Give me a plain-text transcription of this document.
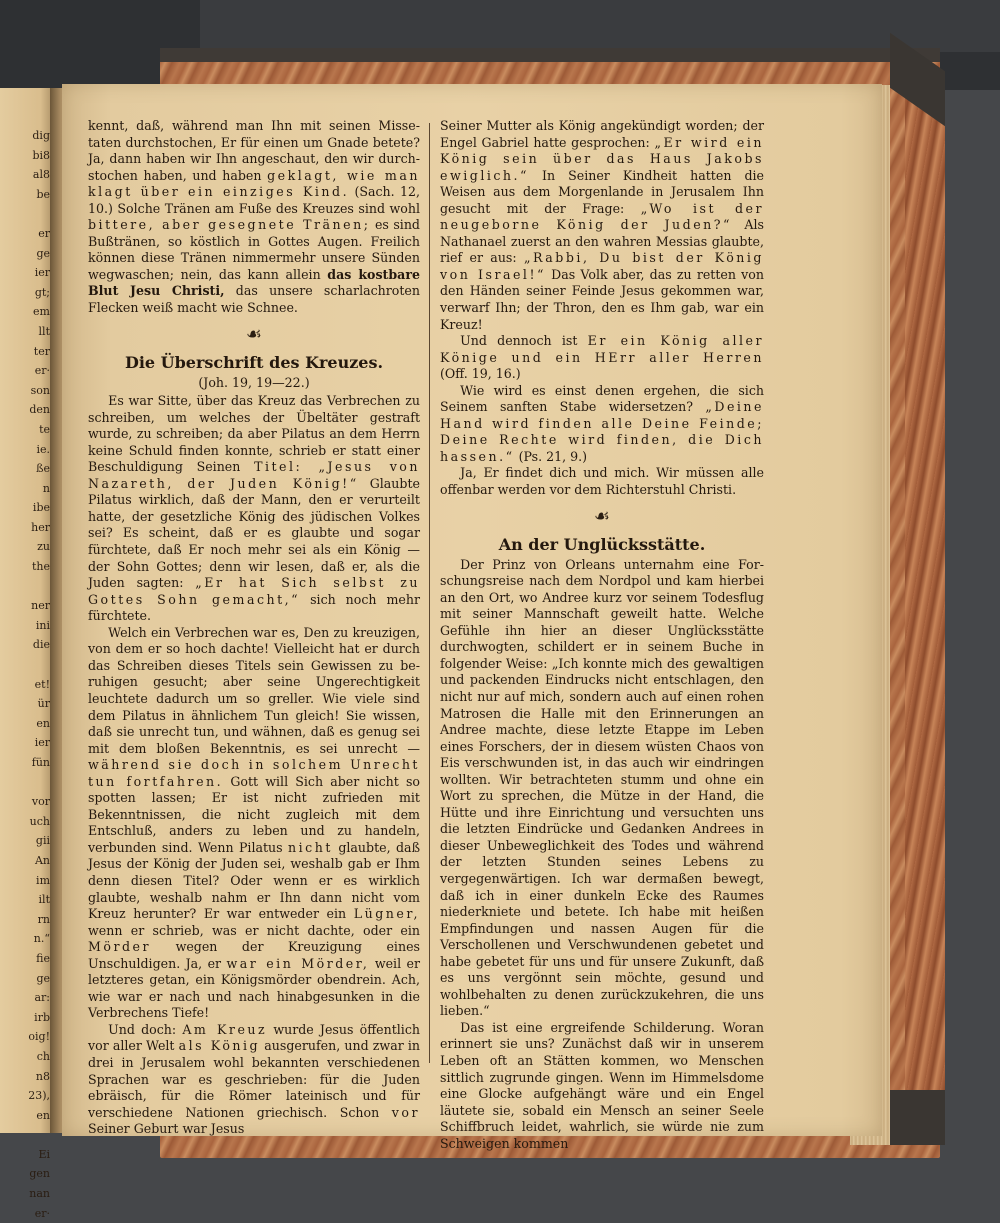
dig
bi8
al8
be
er
ge
ier
gt;
em
llt
ter
er·
son
den
te
ie.
ße
n
ibe
her
zu
the
ner
ini
die
et!
ür
en
ier
fün
vor
uch
gii
An
im
ilt
rn
n.“
fie
ge
ar:
irb
oig!
ch
n8
23),
en
Ei
gen
nan
er·

kennt, daß, während man Ihn mit seinen Missetaten durchstochen, Er für einen um Gnade betete? Ja, dann haben wir Ihn angeschaut, den wir durchstochen haben, und haben geklagt, wie man klagt über ein einziges Kind. (Sach. 12, 10.) Solche Tränen am Fuße des Kreuzes sind wohl bittere, aber gesegnete Tränen; es sind Bußtränen, so köstlich in Gottes Augen. Freilich können diese Tränen nimmermehr unsere Sünden wegwaschen; nein, das kann allein das kostbare Blut Jesu Christi, das unsere scharlachroten Flecken weiß macht wie Schnee.

☙
Die Überschrift des Kreuzes.
(Joh. 19, 19—22.)

Es war Sitte, über das Kreuz das Verbrechen zu schreiben, um welches der Übeltäter gestraft wurde, zu schreiben; da aber Pilatus an dem Herrn keine Schuld finden konnte, schrieb er statt einer Beschuldigung Seinen Titel: „Jesus von Nazareth, der Juden König!“ Glaubte Pilatus wirklich, daß der Mann, den er verurteilt hatte, der gesetzliche König des jüdischen Volkes sei? Es scheint, daß er es glaubte und sogar fürchtete, daß Er noch mehr sei als ein König — der Sohn Gottes; denn wir lesen, daß er, als die Juden sagten: „Er hat Sich selbst zu Gottes Sohn gemacht,“ sich noch mehr fürchtete.

Welch ein Verbrechen war es, Den zu kreuzigen, von dem er so hoch dachte! Vielleicht hat er durch das Schreiben dieses Titels sein Gewissen zu beruhigen gesucht; aber seine Ungerechtigkeit leuchtete dadurch um so greller. Wie viele sind dem Pilatus in ähnlichem Tun gleich! Sie wissen, daß sie unrecht tun, und wähnen, daß es genug sei mit dem bloßen Bekenntnis, es sei unrecht — während sie doch in solchem Unrecht tun fortfahren. Gott will Sich aber nicht so spotten lassen; Er ist nicht zufrieden mit Bekenntnissen, die nicht zugleich mit dem Entschluß, anders zu leben und zu handeln, verbunden sind. Wenn Pilatus nicht glaubte, daß Jesus der König der Juden sei, weshalb gab er Ihm denn diesen Titel? Oder wenn er es wirklich glaubte, weshalb nahm er Ihn dann nicht vom Kreuz herunter? Er war entweder ein Lügner, wenn er schrieb, was er nicht dachte, oder ein Mörder wegen der Kreuzigung eines Unschuldigen. Ja, er war ein Mörder, weil er letzteres getan, ein Königsmörder obendrein. Ach, wie war er nach und nach hinabgesunken in die Verbrechens Tiefe!

Und doch: Am Kreuz wurde Jesus öffentlich vor aller Welt als König ausgerufen, und zwar in drei in Jerusalem wohl bekannten verschiedenen Sprachen war es geschrieben: für die Juden ebräisch, für die Römer lateinisch und für verschiedene Nationen griechisch. Schon vor Seiner Geburt war Jesus

Seiner Mutter als König angekündigt worden; der Engel Gabriel hatte gesprochen: „Er wird ein König sein über das Haus Jakobs ewiglich.“ In Seiner Kindheit hatten die Weisen aus dem Morgenlande in Jerusalem Ihn gesucht mit der Frage: „Wo ist der neugeborne König der Juden?“ Als Nathanael zuerst an den wahren Messias glaubte, rief er aus: „Rabbi, Du bist der König von Israel!“ Das Volk aber, das zu retten von den Händen seiner Feinde Jesus gekommen war, verwarf Ihn; der Thron, den es Ihm gab, war ein Kreuz!

Und dennoch ist Er ein König aller Könige und ein HErr aller Herren (Off. 19, 16.)

Wie wird es einst denen ergehen, die sich Seinem sanften Stabe widersetzen? „Deine Hand wird finden alle Deine Feinde; Deine Rechte wird finden, die Dich hassen.“ (Ps. 21, 9.)

Ja, Er findet dich und mich. Wir müssen alle offenbar werden vor dem Richterstuhl Christi.

☙
An der Unglücksstätte.

Der Prinz von Orleans unternahm eine Forschungsreise nach dem Nordpol und kam hierbei an den Ort, wo Andree kurz vor seinem Todesflug mit seiner Mannschaft geweilt hatte. Welche Gefühle ihn hier an dieser Unglücksstätte durchwogten, schildert er in seinem Buche in folgender Weise: „Ich konnte mich des gewaltigen und packenden Eindrucks nicht entschlagen, den nicht nur auf mich, sondern auch auf einen rohen Matrosen die Halle mit den Erinnerungen an Andree machte, diese letzte Etappe im Leben eines Forschers, der in diesem wüsten Chaos von Eis verschwunden ist, in das auch wir eindringen wollten. Wir betrachteten stumm und ohne ein Wort zu sprechen, die Mütze in der Hand, die Hütte und ihre Einrichtung und versuchten uns die letzten Eindrücke und Gedanken Andrees in dieser Unbeweglichkeit des Todes und während der letzten Stunden seines Lebens zu vergegenwärtigen. Ich war dermaßen bewegt, daß ich in einer dunkeln Ecke des Raumes niederkniete und betete. Ich habe mit heißen Empfindungen und nassen Augen für die Verschollenen und Verschwundenen gebetet und habe gebetet für uns und für unsere Zukunft, daß es uns vergönnt sein möchte, gesund und wohlbehalten zu denen zurückzukehren, die uns lieben.“

Das ist eine ergreifende Schilderung. Woran erinnert sie uns? Zunächst daß wir in unserem Leben oft an Stätten kommen, wo Menschen sittlich zugrunde gingen. Wenn im Himmelsdome eine Glocke aufgehängt wäre und ein Engel läutete sie, sobald ein Mensch an seiner Seele Schiffbruch leidet, wahrlich, sie würde nie zum Schweigen kommen
